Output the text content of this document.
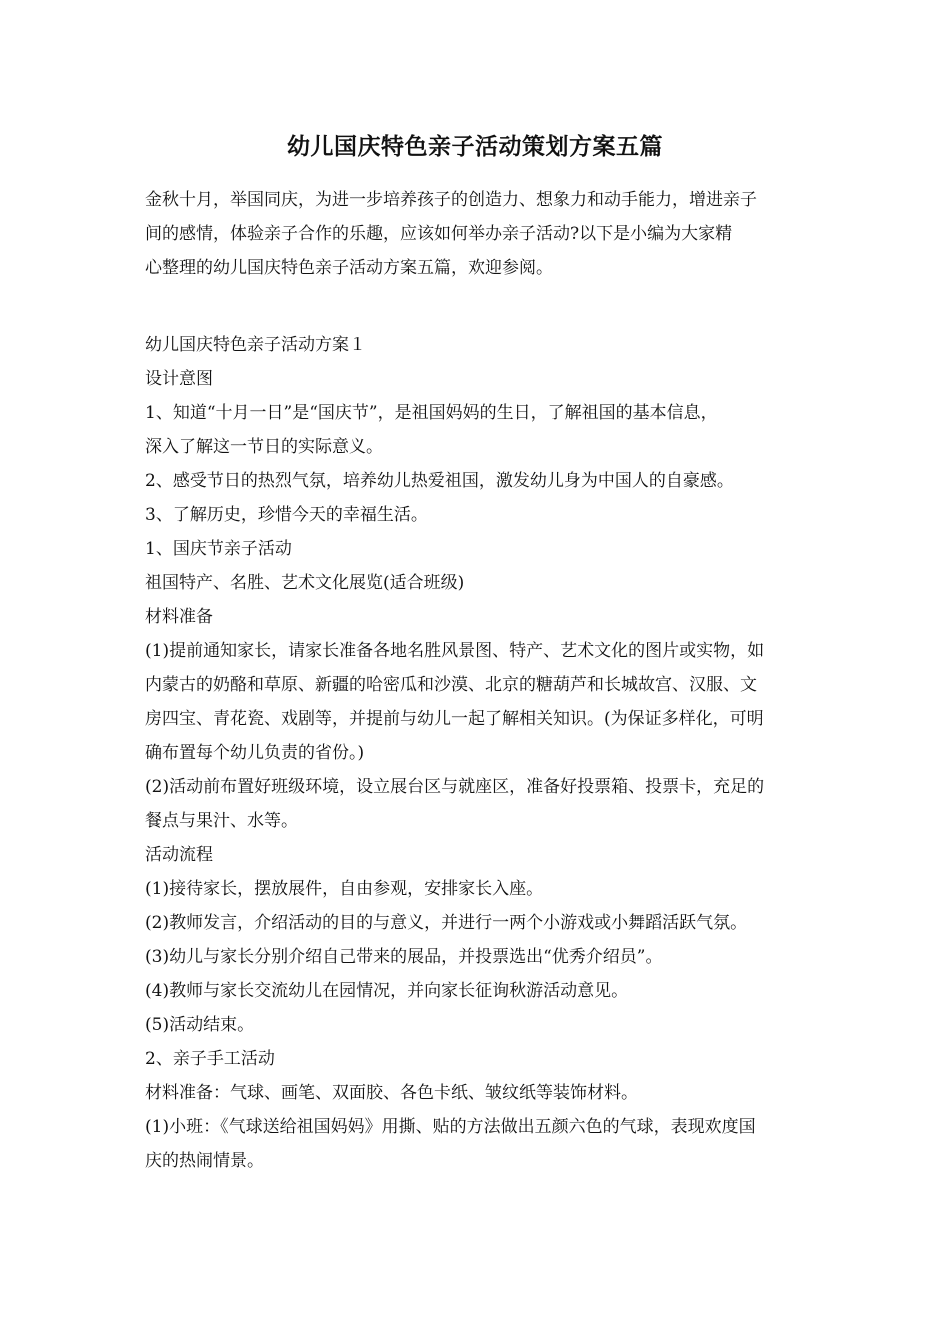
幼儿国庆特色亲子活动策划方案五篇
金秋十月，举国同庆，为进一步培养孩子的创造力、想象力和动手能力，增进亲子
间的感情，体验亲子合作的乐趣，应该如何举办亲子活动?以下是小编为大家精
心整理的幼儿国庆特色亲子活动方案五篇，欢迎参阅。
幼儿国庆特色亲子活动方案１
设计意图
1、知道“十月一日”是“国庆节”，是祖国妈妈的生日，了解祖国的基本信息，
深入了解这一节日的实际意义。
2、感受节日的热烈气氛，培养幼儿热爱祖国，激发幼儿身为中国人的自豪感。
3、了解历史，珍惜今天的幸福生活。
1、国庆节亲子活动
祖国特产、名胜、艺术文化展览(适合班级)
材料准备
(1)提前通知家长，请家长准备各地名胜风景图、特产、艺术文化的图片或实物，如
内蒙古的奶酪和草原、新疆的哈密瓜和沙漠、北京的糖葫芦和长城故宫、汉服、文
房四宝、青花瓷、戏剧等，并提前与幼儿一起了解相关知识。(为保证多样化，可明
确布置每个幼儿负责的省份。)
(2)活动前布置好班级环境，设立展台区与就座区，准备好投票箱、投票卡，充足的
餐点与果汁、水等。
活动流程
(1)接待家长，摆放展件，自由参观，安排家长入座。
(2)教师发言，介绍活动的目的与意义，并进行一两个小游戏或小舞蹈活跃气氛。
(3)幼儿与家长分别介绍自己带来的展品，并投票选出“优秀介绍员”。
(4)教师与家长交流幼儿在园情况，并向家长征询秋游活动意见。
(5)活动结束。
2、亲子手工活动
材料准备：气球、画笔、双面胶、各色卡纸、皱纹纸等装饰材料。
(1)小班：《气球送给祖国妈妈》用撕、贴的方法做出五颜六色的气球，表现欢度国
庆的热闹情景。
